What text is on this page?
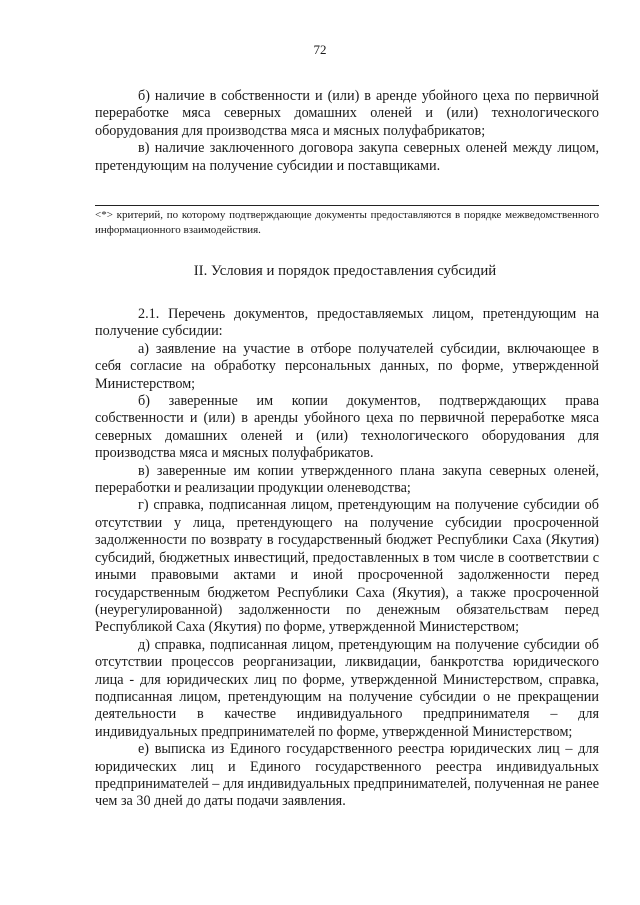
72

б) наличие в собственности и (или) в аренде убойного цеха по первичной переработке мяса северных домашних оленей и (или) технологического оборудования для производства мяса и мясных полуфабрикатов;

в) наличие заключенного договора закупа северных оленей между лицом, претендующим на получение субсидии и поставщиками.

<*> критерий, по которому подтверждающие документы предоставляются в порядке межведомственного информационного взаимодействия.
II. Условия и порядок предоставления субсидий

2.1. Перечень документов, предоставляемых лицом, претендующим на получение субсидии:

а) заявление на участие в отборе получателей субсидии, включающее в себя согласие на обработку персональных данных, по форме, утвержденной Министерством;

б) заверенные им копии документов, подтверждающих права собственности и (или) в аренды убойного цеха по первичной переработке мяса северных домашних оленей и (или) технологического оборудования для производства мяса и мясных полуфабрикатов.

в) заверенные им копии утвержденного плана закупа северных оленей, переработки и реализации продукции оленеводства;

г) справка, подписанная лицом, претендующим на получение субсидии об отсутствии у лица, претендующего на получение субсидии просроченной задолженности по возврату в государственный бюджет Республики Саха (Якутия) субсидий, бюджетных инвестиций, предоставленных в том числе в соответствии с иными правовыми актами и иной просроченной задолженности перед государственным бюджетом Республики Саха (Якутия), а также просроченной (неурегулированной) задолженности по денежным обязательствам перед Республикой Саха (Якутия) по форме, утвержденной Министерством;

д) справка, подписанная лицом, претендующим на получение субсидии об отсутствии процессов реорганизации, ликвидации, банкротства юридического лица - для юридических лиц по форме, утвержденной Министерством, справка, подписанная лицом, претендующим на получение субсидии о не прекращении деятельности в качестве индивидуального предпринимателя – для индивидуальных предпринимателей по форме, утвержденной Министерством;

е) выписка из Единого государственного реестра юридических лиц – для юридических лиц и Единого государственного реестра индивидуальных предпринимателей – для индивидуальных предпринимателей, полученная не ранее чем за 30 дней до даты подачи заявления.
